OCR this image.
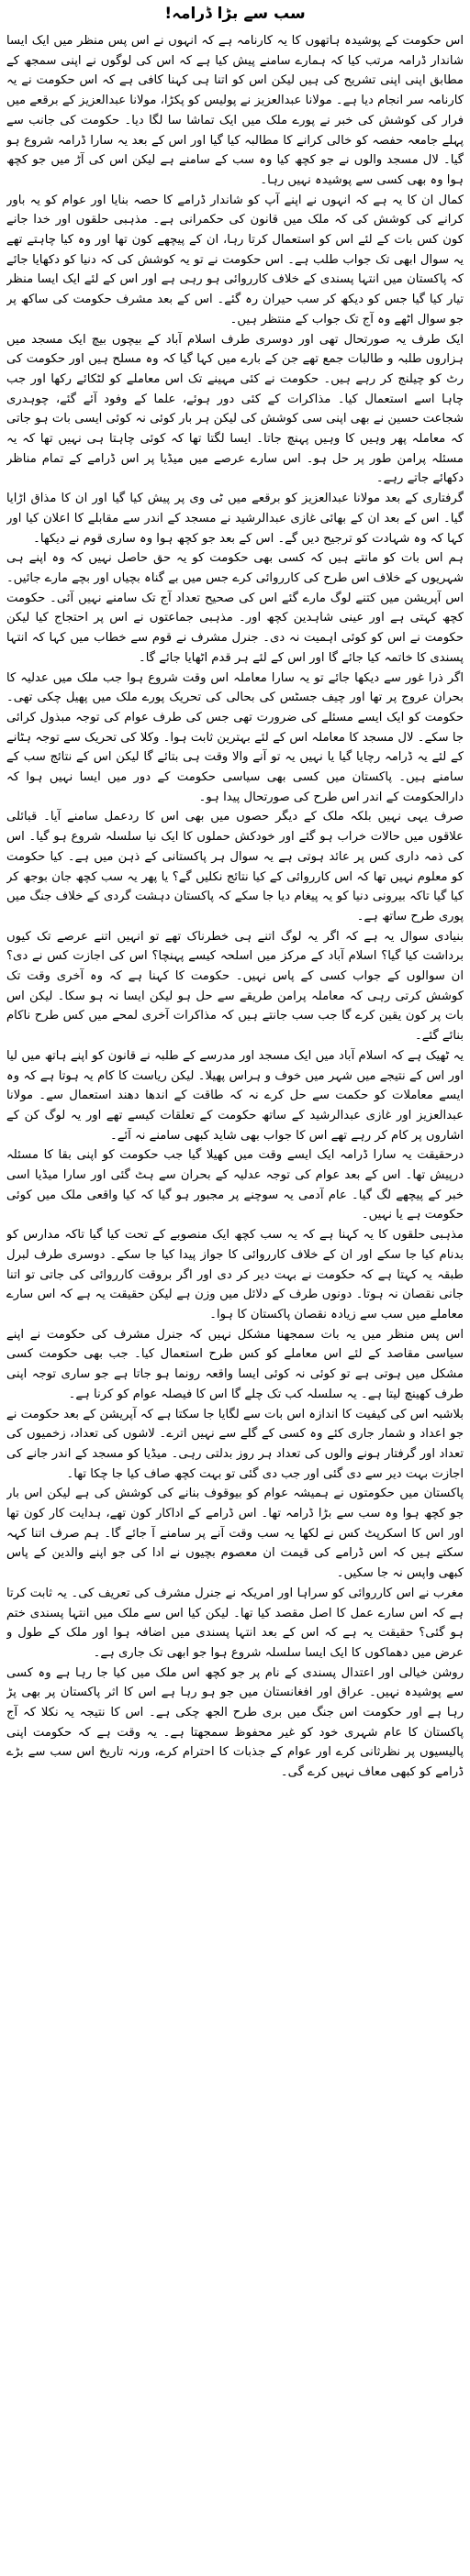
سب سے بڑا ڈرامہ!

اس حکومت کے پوشیدہ ہاتھوں کا یہ کارنامہ ہے کہ انہوں نے اس پس منظر میں ایک ایسا شاندار ڈرامہ مرتب کیا کہ ہمارے سامنے پیش کیا ہے کہ اس کی لوگوں نے اپنی سمجھ کے مطابق اپنی اپنی تشریح کی ہیں لیکن اس کو اتنا ہی کہنا کافی ہے کہ اس حکومت نے یہ کارنامہ سر انجام دیا ہے۔ مولانا عبدالعزیز نے پولیس کو پکڑا، مولانا عبدالعزیز کے برقعے میں فرار کی کوشش کی خبر نے پورے ملک میں ایک تماشا سا لگا دیا۔ حکومت کی جانب سے پہلے جامعہ حفصہ کو خالی کرانے کا مطالبہ کیا گیا اور اس کے بعد یہ سارا ڈرامہ شروع ہو گیا۔ لال مسجد والوں نے جو کچھ کیا وہ سب کے سامنے ہے لیکن اس کی آڑ میں جو کچھ ہوا وہ بھی کسی سے پوشیدہ نہیں رہا۔

کمال ان کا یہ ہے کہ انہوں نے اپنے آپ کو شاندار ڈرامے کا حصہ بنایا اور عوام کو یہ باور کرانے کی کوشش کی کہ ملک میں قانون کی حکمرانی ہے۔ مذہبی حلقوں اور خدا جانے کون کس بات کے لئے اس کو استعمال کرتا رہا، ان کے پیچھے کون تھا اور وہ کیا چاہتے تھے یہ سوال ابھی تک جواب طلب ہے۔ اس حکومت نے تو یہ کوشش کی کہ دنیا کو دکھایا جائے کہ پاکستان میں انتہا پسندی کے خلاف کارروائی ہو رہی ہے اور اس کے لئے ایک ایسا منظر تیار کیا گیا جس کو دیکھ کر سب حیران رہ گئے۔ اس کے بعد مشرف حکومت کی ساکھ پر جو سوال اٹھے وہ آج تک جواب کے منتظر ہیں۔

ایک طرف یہ صورتحال تھی اور دوسری طرف اسلام آباد کے بیچوں بیچ ایک مسجد میں ہزاروں طلبہ و طالبات جمع تھے جن کے بارے میں کہا گیا کہ وہ مسلح ہیں اور حکومت کی رٹ کو چیلنج کر رہے ہیں۔ حکومت نے کئی مہینے تک اس معاملے کو لٹکائے رکھا اور جب چاہا اسے استعمال کیا۔ مذاکرات کے کئی دور ہوئے، علما کے وفود آئے گئے، چوہدری شجاعت حسین نے بھی اپنی سی کوشش کی لیکن ہر بار کوئی نہ کوئی ایسی بات ہو جاتی کہ معاملہ پھر وہیں کا وہیں پہنچ جاتا۔ ایسا لگتا تھا کہ کوئی چاہتا ہی نہیں تھا کہ یہ مسئلہ پرامن طور پر حل ہو۔ اس سارے عرصے میں میڈیا پر اس ڈرامے کے تمام مناظر دکھائے جاتے رہے۔

گرفتاری کے بعد مولانا عبدالعزیز کو برقعے میں ٹی وی پر پیش کیا گیا اور ان کا مذاق اڑایا گیا۔ اس کے بعد ان کے بھائی غازی عبدالرشید نے مسجد کے اندر سے مقابلے کا اعلان کیا اور کہا کہ وہ شہادت کو ترجیح دیں گے۔ اس کے بعد جو کچھ ہوا وہ ساری قوم نے دیکھا۔

ہم اس بات کو مانتے ہیں کہ کسی بھی حکومت کو یہ حق حاصل نہیں کہ وہ اپنے ہی شہریوں کے خلاف اس طرح کی کارروائی کرے جس میں بے گناہ بچیاں اور بچے مارے جائیں۔ اس آپریشن میں کتنے لوگ مارے گئے اس کی صحیح تعداد آج تک سامنے نہیں آئی۔ حکومت کچھ کہتی ہے اور عینی شاہدین کچھ اور۔ مذہبی جماعتوں نے اس پر احتجاج کیا لیکن حکومت نے اس کو کوئی اہمیت نہ دی۔ جنرل مشرف نے قوم سے خطاب میں کہا کہ انتہا پسندی کا خاتمہ کیا جائے گا اور اس کے لئے ہر قدم اٹھایا جائے گا۔

اگر ذرا غور سے دیکھا جائے تو یہ سارا معاملہ اس وقت شروع ہوا جب ملک میں عدلیہ کا بحران عروج پر تھا اور چیف جسٹس کی بحالی کی تحریک پورے ملک میں پھیل چکی تھی۔ حکومت کو ایک ایسے مسئلے کی ضرورت تھی جس کی طرف عوام کی توجہ مبذول کرائی جا سکے۔ لال مسجد کا معاملہ اس کے لئے بہترین ثابت ہوا۔ وکلا کی تحریک سے توجہ ہٹانے کے لئے یہ ڈرامہ رچایا گیا یا نہیں یہ تو آنے والا وقت ہی بتائے گا لیکن اس کے نتائج سب کے سامنے ہیں۔ پاکستان میں کسی بھی سیاسی حکومت کے دور میں ایسا نہیں ہوا کہ دارالحکومت کے اندر اس طرح کی صورتحال پیدا ہو۔

صرف یہی نہیں بلکہ ملک کے دیگر حصوں میں بھی اس کا ردعمل سامنے آیا۔ قبائلی علاقوں میں حالات خراب ہو گئے اور خودکش حملوں کا ایک نیا سلسلہ شروع ہو گیا۔ اس کی ذمہ داری کس پر عائد ہوتی ہے یہ سوال ہر پاکستانی کے ذہن میں ہے۔ کیا حکومت کو معلوم نہیں تھا کہ اس کارروائی کے کیا نتائج نکلیں گے؟ یا پھر یہ سب کچھ جان بوجھ کر کیا گیا تاکہ بیرونی دنیا کو یہ پیغام دیا جا سکے کہ پاکستان دہشت گردی کے خلاف جنگ میں پوری طرح ساتھ ہے۔

بنیادی سوال یہ ہے کہ اگر یہ لوگ اتنے ہی خطرناک تھے تو انہیں اتنے عرصے تک کیوں برداشت کیا گیا؟ اسلام آباد کے مرکز میں اسلحہ کیسے پہنچا؟ اس کی اجازت کس نے دی؟ ان سوالوں کے جواب کسی کے پاس نہیں۔ حکومت کا کہنا ہے کہ وہ آخری وقت تک کوشش کرتی رہی کہ معاملہ پرامن طریقے سے حل ہو لیکن ایسا نہ ہو سکا۔ لیکن اس بات پر کون یقین کرے گا جب سب جانتے ہیں کہ مذاکرات آخری لمحے میں کس طرح ناکام بنائے گئے۔

یہ ٹھیک ہے کہ اسلام آباد میں ایک مسجد اور مدرسے کے طلبہ نے قانون کو اپنے ہاتھ میں لیا اور اس کے نتیجے میں شہر میں خوف و ہراس پھیلا۔ لیکن ریاست کا کام یہ ہوتا ہے کہ وہ ایسے معاملات کو حکمت سے حل کرے نہ کہ طاقت کے اندھا دھند استعمال سے۔ مولانا عبدالعزیز اور غازی عبدالرشید کے ساتھ حکومت کے تعلقات کیسے تھے اور یہ لوگ کن کے اشاروں پر کام کر رہے تھے اس کا جواب بھی شاید کبھی سامنے نہ آئے۔

درحقیقت یہ سارا ڈرامہ ایک ایسے وقت میں کھیلا گیا جب حکومت کو اپنی بقا کا مسئلہ درپیش تھا۔ اس کے بعد عوام کی توجہ عدلیہ کے بحران سے ہٹ گئی اور سارا میڈیا اسی خبر کے پیچھے لگ گیا۔ عام آدمی یہ سوچنے پر مجبور ہو گیا کہ کیا واقعی ملک میں کوئی حکومت ہے یا نہیں۔

مذہبی حلقوں کا یہ کہنا ہے کہ یہ سب کچھ ایک منصوبے کے تحت کیا گیا تاکہ مدارس کو بدنام کیا جا سکے اور ان کے خلاف کارروائی کا جواز پیدا کیا جا سکے۔ دوسری طرف لبرل طبقہ یہ کہتا ہے کہ حکومت نے بہت دیر کر دی اور اگر بروقت کارروائی کی جاتی تو اتنا جانی نقصان نہ ہوتا۔ دونوں طرف کے دلائل میں وزن ہے لیکن حقیقت یہ ہے کہ اس سارے معاملے میں سب سے زیادہ نقصان پاکستان کا ہوا۔

اس پس منظر میں یہ بات سمجھنا مشکل نہیں کہ جنرل مشرف کی حکومت نے اپنے سیاسی مقاصد کے لئے اس معاملے کو کس طرح استعمال کیا۔ جب بھی حکومت کسی مشکل میں ہوتی ہے تو کوئی نہ کوئی ایسا واقعہ رونما ہو جاتا ہے جو ساری توجہ اپنی طرف کھینچ لیتا ہے۔ یہ سلسلہ کب تک چلے گا اس کا فیصلہ عوام کو کرنا ہے۔

بلاشبہ اس کی کیفیت کا اندازہ اس بات سے لگایا جا سکتا ہے کہ آپریشن کے بعد حکومت نے جو اعداد و شمار جاری کئے وہ کسی کے گلے سے نہیں اترے۔ لاشوں کی تعداد، زخمیوں کی تعداد اور گرفتار ہونے والوں کی تعداد ہر روز بدلتی رہی۔ میڈیا کو مسجد کے اندر جانے کی اجازت بہت دیر سے دی گئی اور جب دی گئی تو بہت کچھ صاف کیا جا چکا تھا۔

پاکستان میں حکومتوں نے ہمیشہ عوام کو بیوقوف بنانے کی کوشش کی ہے لیکن اس بار جو کچھ ہوا وہ سب سے بڑا ڈرامہ تھا۔ اس ڈرامے کے اداکار کون تھے، ہدایت کار کون تھا اور اس کا اسکرپٹ کس نے لکھا یہ سب وقت آنے پر سامنے آ جائے گا۔ ہم صرف اتنا کہہ سکتے ہیں کہ اس ڈرامے کی قیمت ان معصوم بچیوں نے ادا کی جو اپنے والدین کے پاس کبھی واپس نہ جا سکیں۔

مغرب نے اس کارروائی کو سراہا اور امریکہ نے جنرل مشرف کی تعریف کی۔ یہ ثابت کرتا ہے کہ اس سارے عمل کا اصل مقصد کیا تھا۔ لیکن کیا اس سے ملک میں انتہا پسندی ختم ہو گئی؟ حقیقت یہ ہے کہ اس کے بعد انتہا پسندی میں اضافہ ہوا اور ملک کے طول و عرض میں دھماکوں کا ایک ایسا سلسلہ شروع ہوا جو ابھی تک جاری ہے۔

روشن خیالی اور اعتدال پسندی کے نام پر جو کچھ اس ملک میں کیا جا رہا ہے وہ کسی سے پوشیدہ نہیں۔ عراق اور افغانستان میں جو ہو رہا ہے اس کا اثر پاکستان پر بھی پڑ رہا ہے اور حکومت اس جنگ میں بری طرح الجھ چکی ہے۔ اس کا نتیجہ یہ نکلا کہ آج پاکستان کا عام شہری خود کو غیر محفوظ سمجھتا ہے۔ یہ وقت ہے کہ حکومت اپنی پالیسیوں پر نظرثانی کرے اور عوام کے جذبات کا احترام کرے، ورنہ تاریخ اس سب سے بڑے ڈرامے کو کبھی معاف نہیں کرے گی۔
